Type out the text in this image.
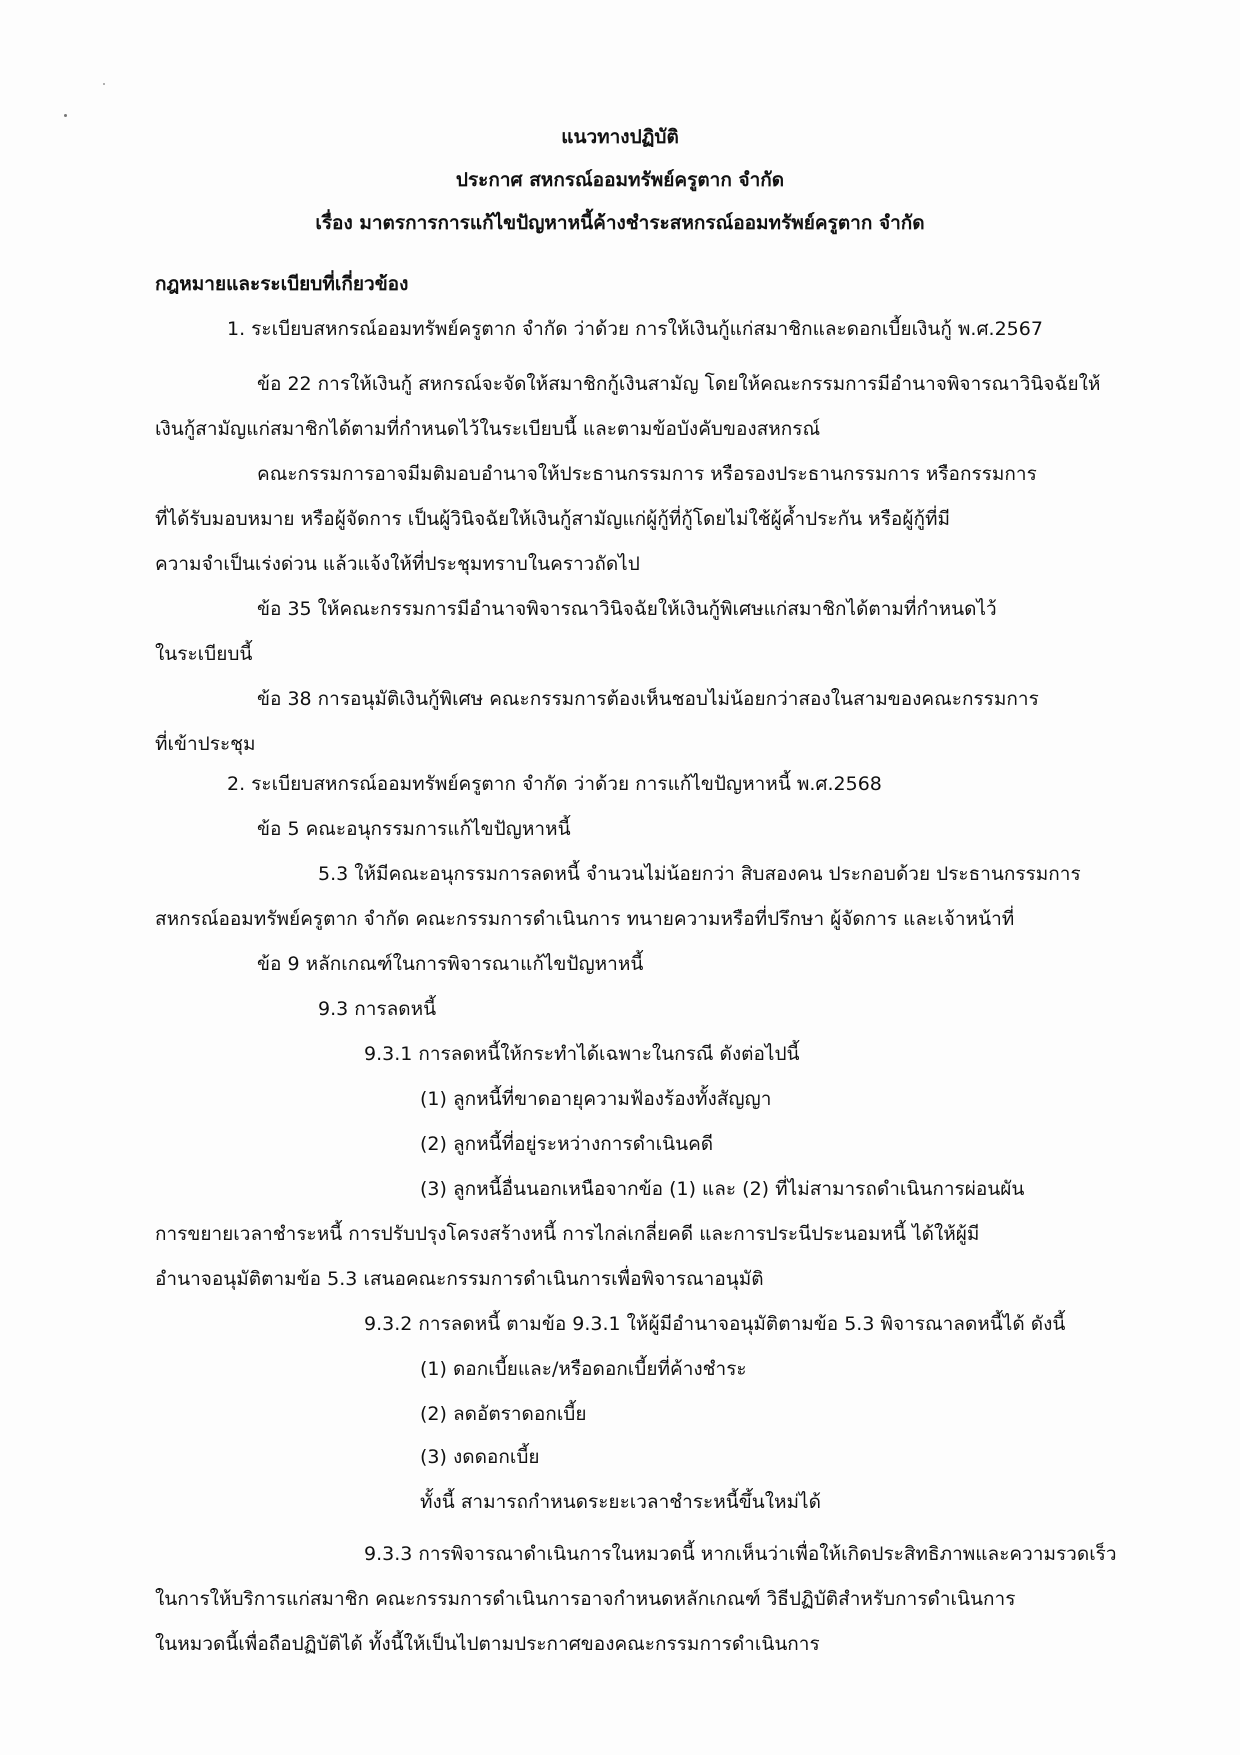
แนวทางปฏิบัติ
ประกาศ สหกรณ์ออมทรัพย์ครูตาก จำกัด
เรื่อง มาตรการการแก้ไขปัญหาหนี้ค้างชำระสหกรณ์ออมทรัพย์ครูตาก จำกัด
กฎหมายและระเบียบที่เกี่ยวข้อง
1. ระเบียบสหกรณ์ออมทรัพย์ครูตาก จำกัด ว่าด้วย การให้เงินกู้แก่สมาชิกและดอกเบี้ยเงินกู้ พ.ศ.2567
ข้อ 22 การให้เงินกู้ สหกรณ์จะจัดให้สมาชิกกู้เงินสามัญ โดยให้คณะกรรมการมีอำนาจพิจารณาวินิจฉัยให้
เงินกู้สามัญแก่สมาชิกได้ตามที่กำหนดไว้ในระเบียบนี้ และตามข้อบังคับของสหกรณ์
คณะกรรมการอาจมีมติมอบอำนาจให้ประธานกรรมการ หรือรองประธานกรรมการ หรือกรรมการ
ที่ได้รับมอบหมาย หรือผู้จัดการ เป็นผู้วินิจฉัยให้เงินกู้สามัญแก่ผู้กู้ที่กู้โดยไม่ใช้ผู้ค้ำประกัน หรือผู้กู้ที่มี
ความจำเป็นเร่งด่วน แล้วแจ้งให้ที่ประชุมทราบในคราวถัดไป
ข้อ 35 ให้คณะกรรมการมีอำนาจพิจารณาวินิจฉัยให้เงินกู้พิเศษแก่สมาชิกได้ตามที่กำหนดไว้
ในระเบียบนี้
ข้อ 38 การอนุมัติเงินกู้พิเศษ คณะกรรมการต้องเห็นชอบไม่น้อยกว่าสองในสามของคณะกรรมการ
ที่เข้าประชุม
2. ระเบียบสหกรณ์ออมทรัพย์ครูตาก จำกัด ว่าด้วย การแก้ไขปัญหาหนี้ พ.ศ.2568
ข้อ 5 คณะอนุกรรมการแก้ไขปัญหาหนี้
5.3 ให้มีคณะอนุกรรมการลดหนี้ จำนวนไม่น้อยกว่า สิบสองคน ประกอบด้วย ประธานกรรมการ
สหกรณ์ออมทรัพย์ครูตาก จำกัด คณะกรรมการดำเนินการ ทนายความหรือที่ปรึกษา ผู้จัดการ และเจ้าหน้าที่
ข้อ 9 หลักเกณฑ์ในการพิจารณาแก้ไขปัญหาหนี้
9.3 การลดหนี้
9.3.1 การลดหนี้ให้กระทำได้เฉพาะในกรณี ดังต่อไปนี้
(1) ลูกหนี้ที่ขาดอายุความฟ้องร้องทั้งสัญญา
(2) ลูกหนี้ที่อยู่ระหว่างการดำเนินคดี
(3) ลูกหนี้อื่นนอกเหนือจากข้อ (1) และ (2) ที่ไม่สามารถดำเนินการผ่อนผัน
การขยายเวลาชำระหนี้ การปรับปรุงโครงสร้างหนี้ การไกล่เกลี่ยคดี และการประนีประนอมหนี้ ได้ให้ผู้มี
อำนาจอนุมัติตามข้อ 5.3 เสนอคณะกรรมการดำเนินการเพื่อพิจารณาอนุมัติ
9.3.2 การลดหนี้ ตามข้อ 9.3.1 ให้ผู้มีอำนาจอนุมัติตามข้อ 5.3 พิจารณาลดหนี้ได้ ดังนี้
(1) ดอกเบี้ยและ/หรือดอกเบี้ยที่ค้างชำระ
(2) ลดอัตราดอกเบี้ย
(3) งดดอกเบี้ย
ทั้งนี้ สามารถกำหนดระยะเวลาชำระหนี้ขึ้นใหม่ได้
9.3.3 การพิจารณาดำเนินการในหมวดนี้ หากเห็นว่าเพื่อให้เกิดประสิทธิภาพและความรวดเร็ว
ในการให้บริการแก่สมาชิก คณะกรรมการดำเนินการอาจกำหนดหลักเกณฑ์ วิธีปฏิบัติสำหรับการดำเนินการ
ในหมวดนี้เพื่อถือปฏิบัติได้ ทั้งนี้ให้เป็นไปตามประกาศของคณะกรรมการดำเนินการ
